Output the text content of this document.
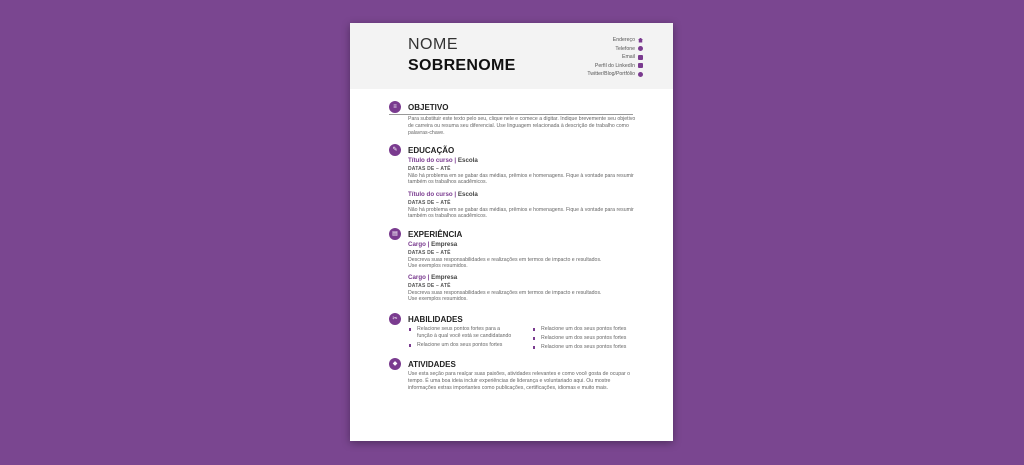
NOME
SOBRENOME
Endereço
Telefone
Email
Perfil do LinkedIn
Twitter/Blog/Portfólio
≡	OBJETIVO
Para substituir este texto pelo seu, clique nele e comece a digitar. Indique brevemente seu objetivo de carreira ou resuma seu diferencial. Use linguagem relacionada à descrição de trabalho como palavras-chave.
✎	EDUCAÇÃO
Título do curso | Escola
DATAS DE – ATÉ
Não há problema em se gabar das médias, prêmios e homenagens. Fique à vontade para resumir também os trabalhos acadêmicos.
Título do curso | Escola
DATAS DE – ATÉ
Não há problema em se gabar das médias, prêmios e homenagens. Fique à vontade para resumir também os trabalhos acadêmicos.
▤	EXPERIÊNCIA
Cargo | Empresa
DATAS DE – ATÉ
Descreva suas responsabilidades e realizações em termos de impacto e resultados.
Use exemplos resumidos.
Cargo | Empresa
DATAS DE – ATÉ
Descreva suas responsabilidades e realizações em termos de impacto e resultados.
Use exemplos resumidos.
✂	HABILIDADES
Relacione seus pontos fortes para a função à qual você está se candidatando
Relacione um dos seus pontos fortes
Relacione um dos seus pontos fortes
Relacione um dos seus pontos fortes
Relacione um dos seus pontos fortes
◆	ATIVIDADES
Use esta seção para realçar suas paixões, atividades relevantes e como você gosta de ocupar o tempo. É uma boa ideia incluir experiências de liderança e voluntariado aqui. Ou mostre informações extras importantes como publicações, certificações, idiomas e muito mais.
